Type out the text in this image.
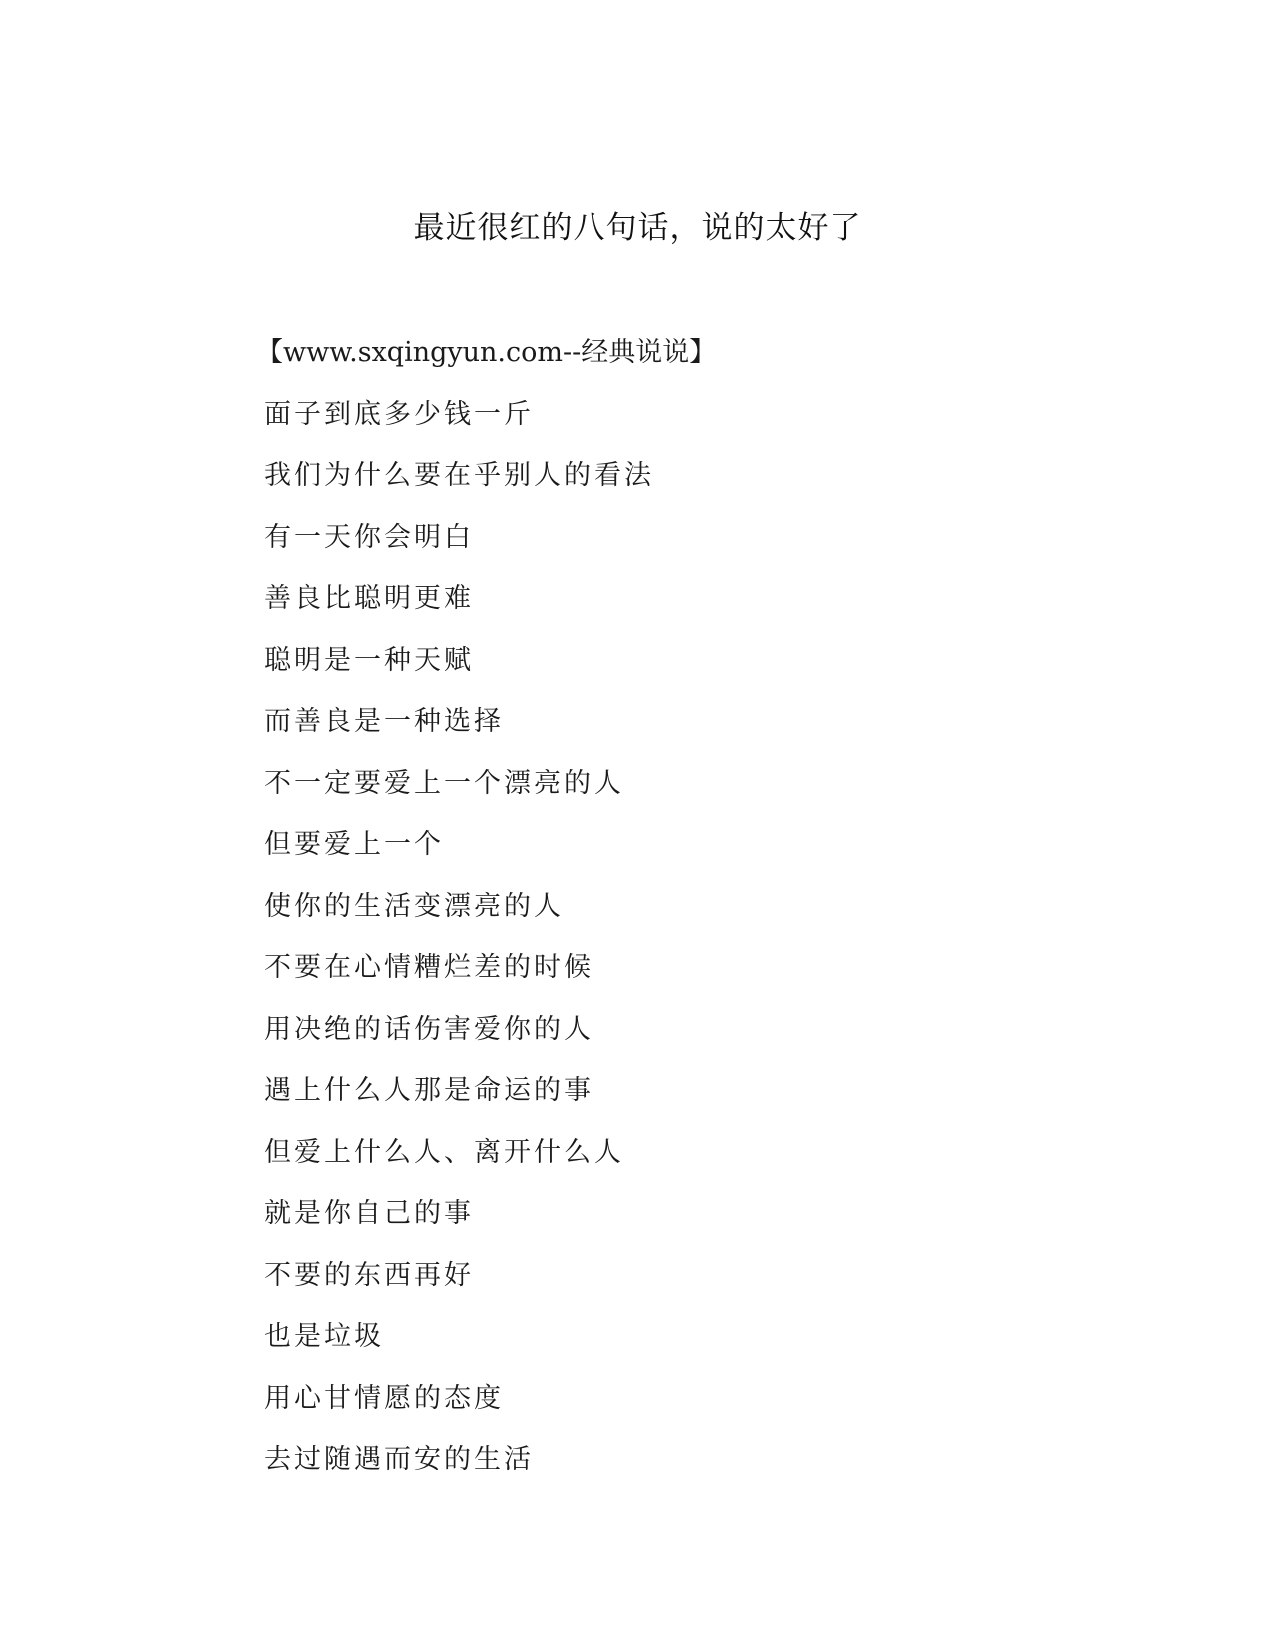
最近很红的八句话，说的太好了
【www.sxqingyun.com--经典说说】
面子到底多少钱一斤
我们为什么要在乎别人的看法
有一天你会明白
善良比聪明更难
聪明是一种天赋
而善良是一种选择
不一定要爱上一个漂亮的人
但要爱上一个
使你的生活变漂亮的人
不要在心情糟烂差的时候
用决绝的话伤害爱你的人
遇上什么人那是命运的事
但爱上什么人、离开什么人
就是你自己的事
不要的东西再好
也是垃圾
用心甘情愿的态度
去过随遇而安的生活
